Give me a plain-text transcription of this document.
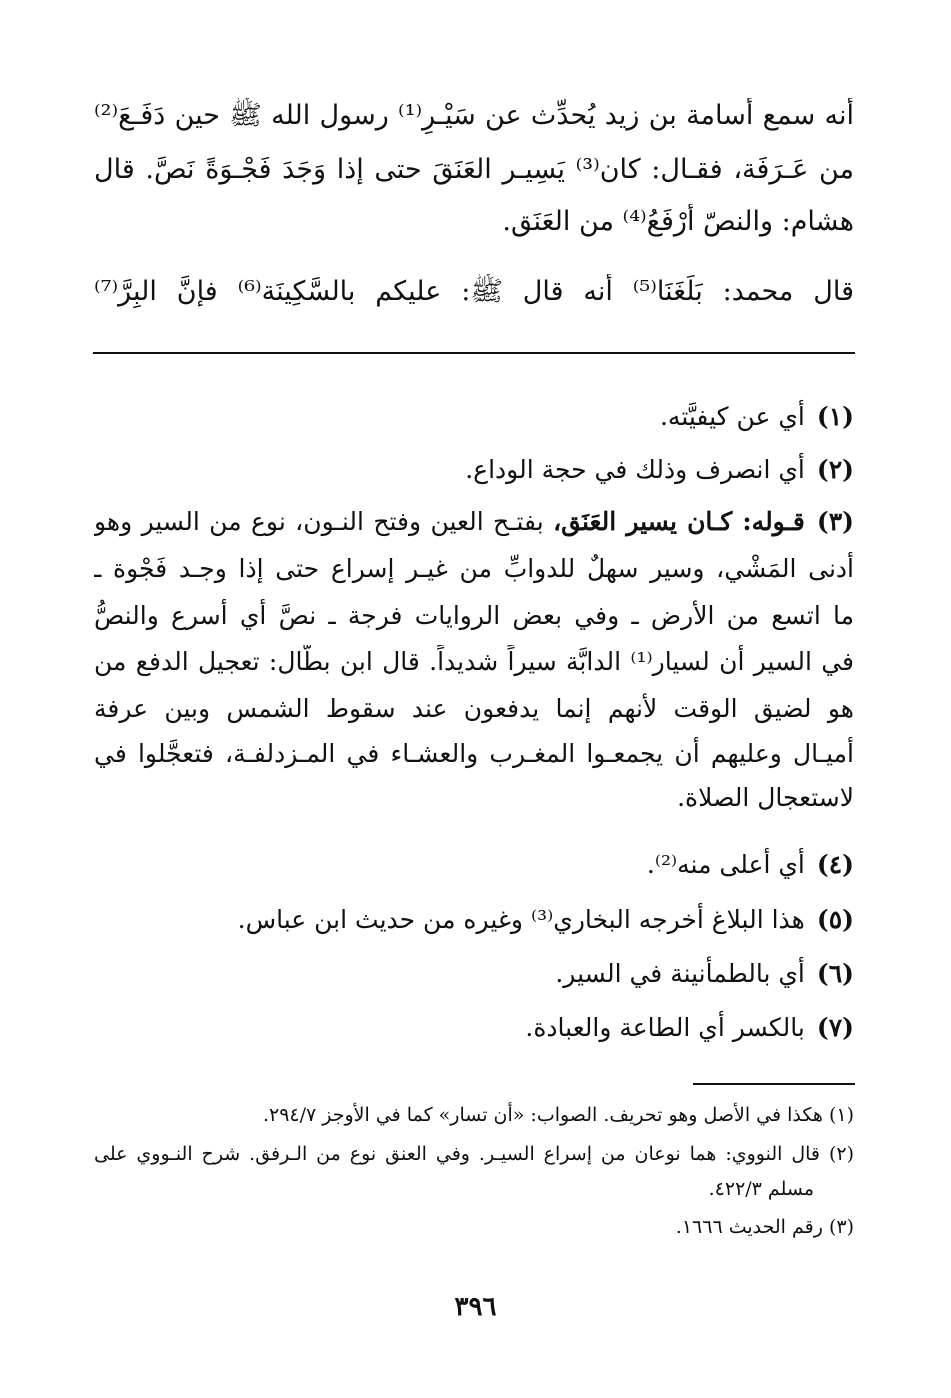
أنه سمع أسامة بن زيد يُحدِّث عن سَيْـرِ⁽¹⁾ رسول الله ﷺ حين دَفَـعَ⁽²⁾
من عَـرَفَة، فقـال: كان⁽³⁾ يَسِيـر العَنَقَ حتى إذا وَجَدَ فَجْـوَةً نَصَّ. قال
هشام: والنصّ أرْفَعُ⁽⁴⁾ من العَنَق.
قال محمد: بَلَغَنَا⁽⁵⁾ أنه قال ﷺ: عليكم بالسَّكِينَة⁽⁶⁾ فإنَّ البِرَّ⁽⁷⁾
(١)أي عن كيفيَّته.
(٢)أي انصرف وذلك في حجة الوداع.
(٣)قـوله: كـان يسير العَنَق، بفتـح العين وفتح النـون، نوع من السير وهو
أدنى المَشْي، وسير سهلٌ للدوابِّ من غيـر إسراع حتى إذا وجـد فَجْوة ـ
ما اتسع من الأرض ـ وفي بعض الروايات فرجة ـ نصَّ أي أسرع والنصُّ
في السير أن لسيار⁽¹⁾ الدابَّة سيراً شديداً. قال ابن بطّال: تعجيل الدفع من
هو لضيق الوقت لأنهم إنما يدفعون عند سقوط الشمس وبين عرفة
أميـال وعليهم أن يجمعـوا المغـرب والعشـاء في المـزدلفـة، فتعجَّلوا في
لاستعجال الصلاة.
(٤)أي أعلى منه⁽²⁾.
(٥)هذا البلاغ أخرجه البخاري⁽³⁾ وغيره من حديث ابن عباس.
(٦)أي بالطمأنينة في السير.
(٧)بالكسر أي الطاعة والعبادة.
(١) هكذا في الأصل وهو تحريف. الصواب: «أن تسار» كما في الأوجز ٢٩٤/٧.
(٢) قال النووي: هما نوعان من إسراع السيـر. وفي العنق نوع من الـرفق. شرح النـووي على
مسلم ٤٢٢/٣.
(٣) رقم الحديث ١٦٦٦.
٣٩٦
